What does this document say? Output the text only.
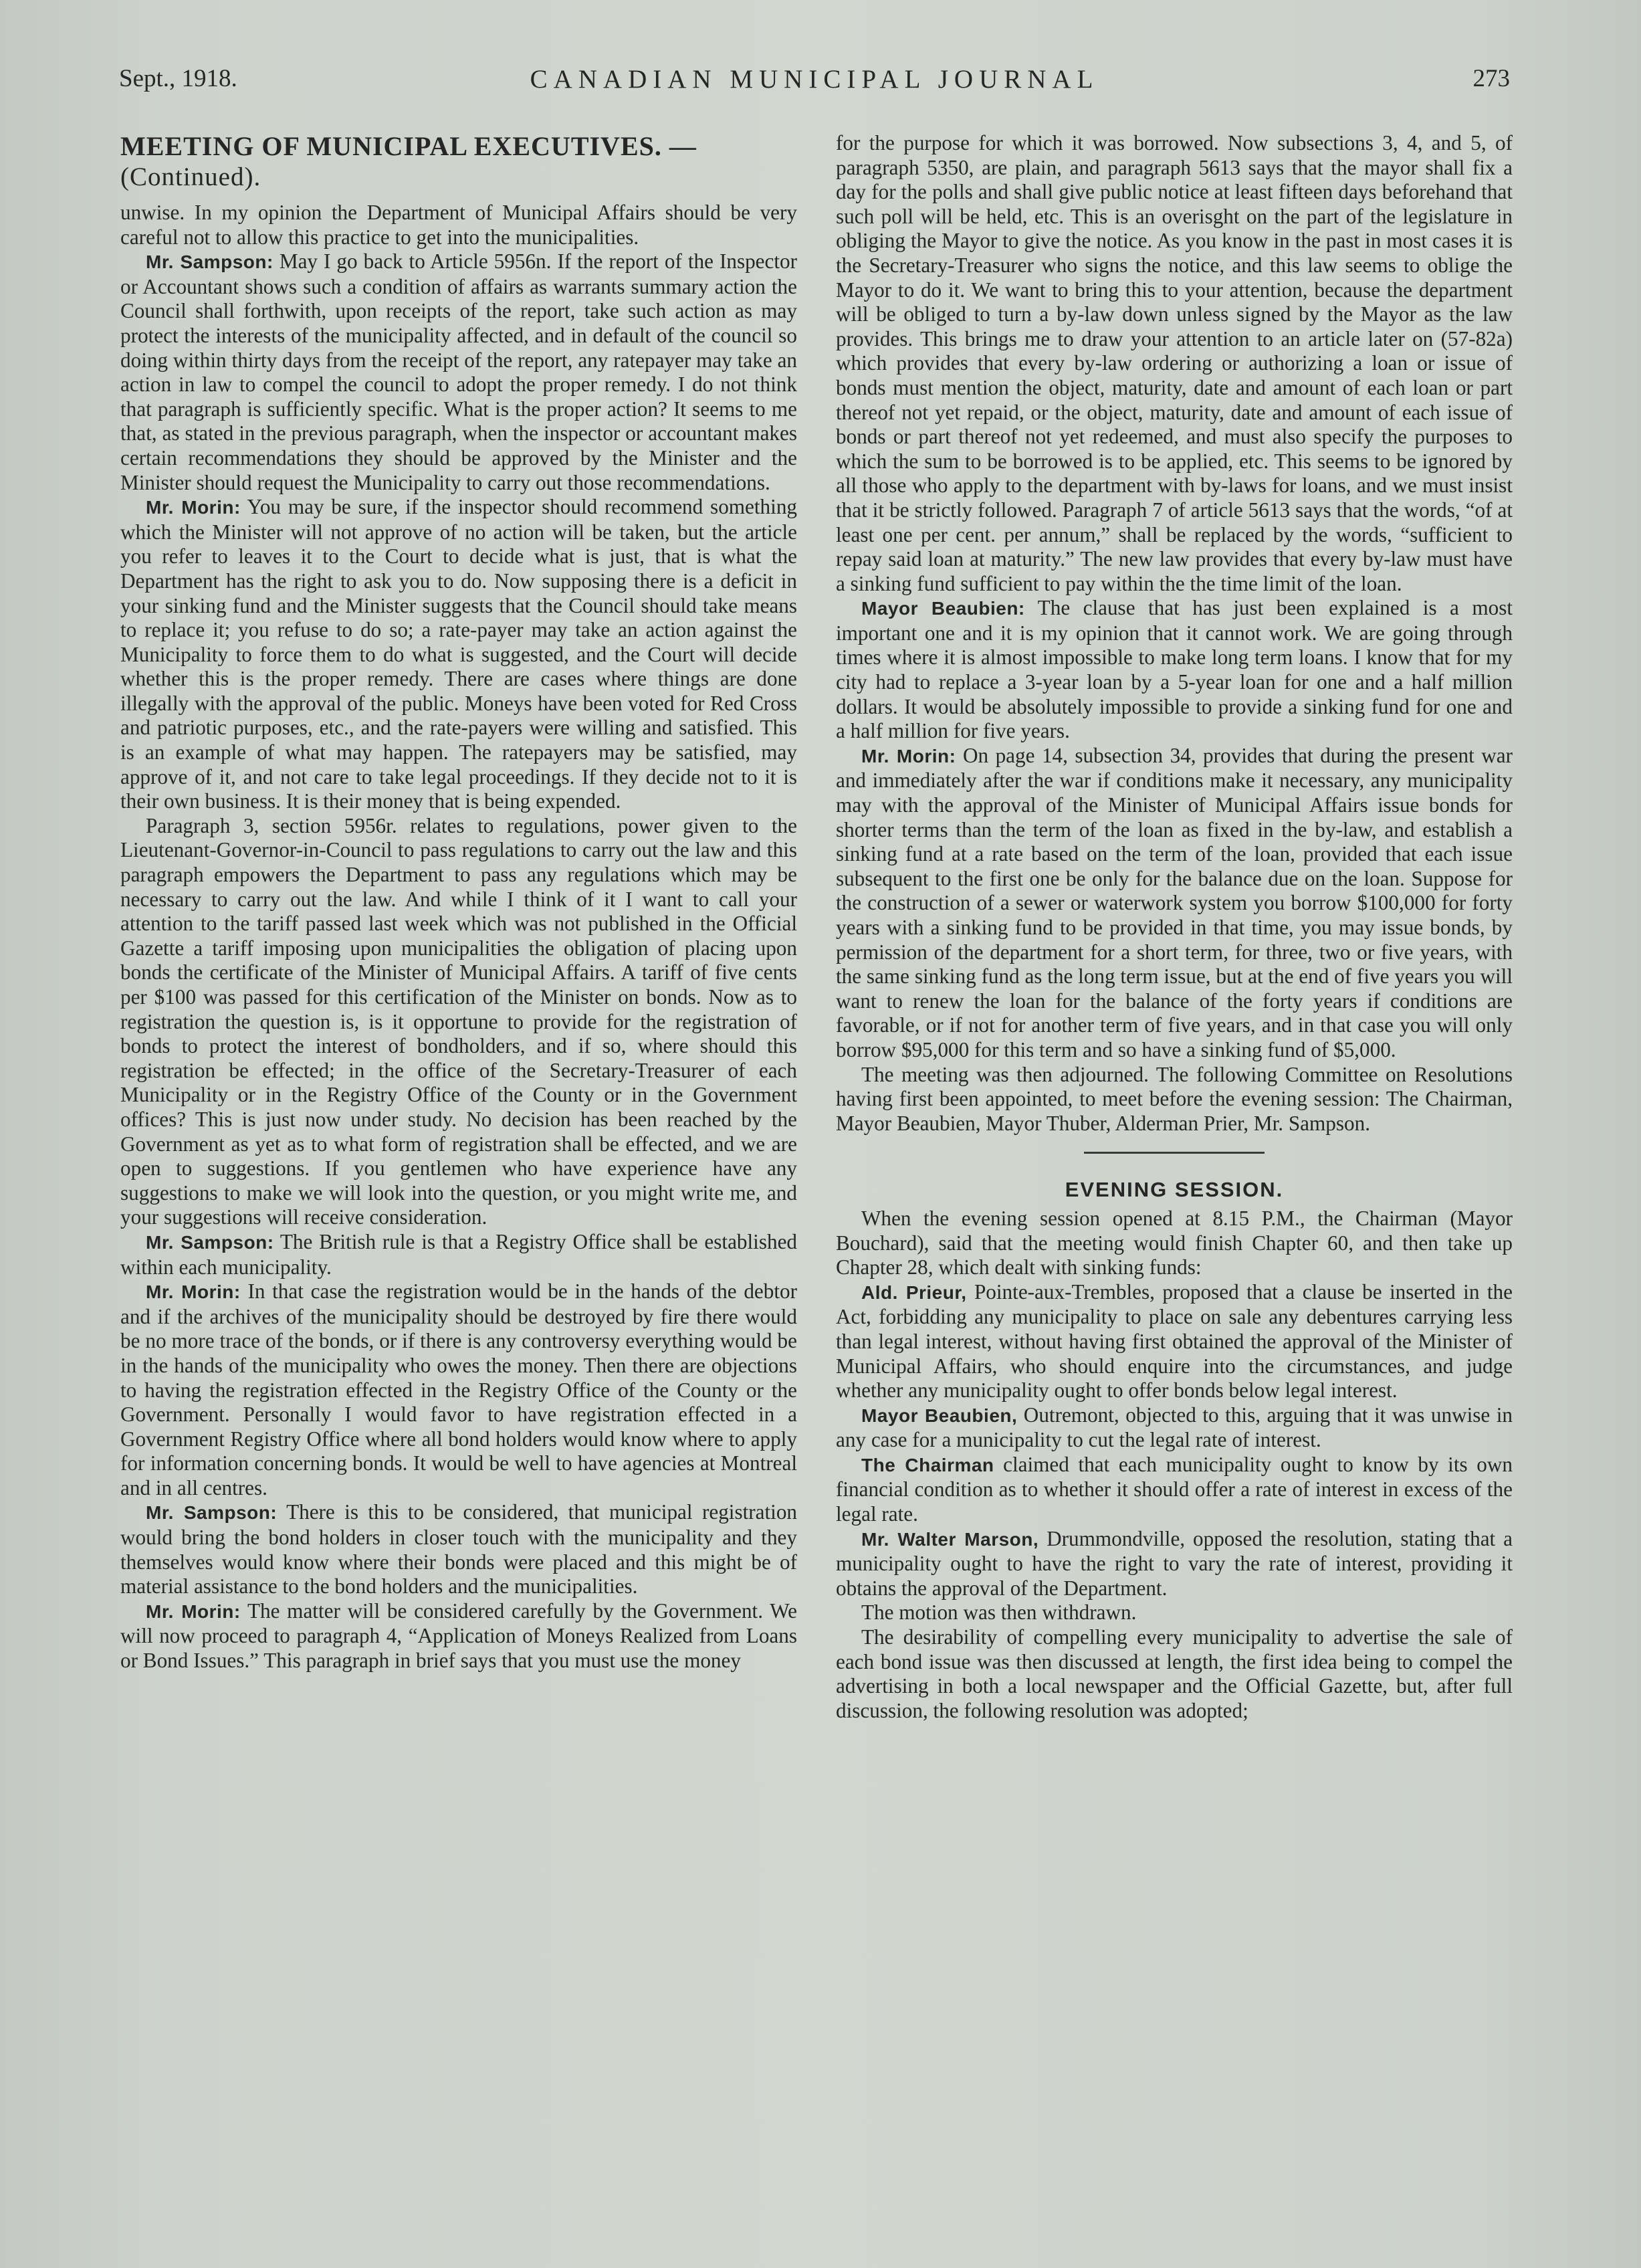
Sept., 1918.	CANADIAN MUNICIPAL JOURNAL	273
MEETING OF MUNICIPAL EXECUTIVES. —
(Continued).

unwise. In my opinion the Department of Municipal Affairs should be very careful not to allow this practice to get into the municipalities.

Mr. Sampson: May I go back to Article 5956n. If the report of the Inspector or Accountant shows such a condition of affairs as warrants summary action the Council shall forthwith, upon receipts of the report, take such action as may protect the interests of the municipality affected, and in default of the council so doing within thirty days from the receipt of the report, any ratepayer may take an action in law to compel the council to adopt the proper remedy. I do not think that paragraph is sufficiently specific. What is the proper action? It seems to me that, as stated in the previous paragraph, when the inspector or accountant makes certain recommendations they should be approved by the Minister and the Minister should request the Municipality to carry out those recommendations.

Mr. Morin: You may be sure, if the inspector should recommend something which the Minister will not approve of no action will be taken, but the article you refer to leaves it to the Court to decide what is just, that is what the Department has the right to ask you to do. Now supposing there is a deficit in your sinking fund and the Minister suggests that the Council should take means to replace it; you refuse to do so; a rate-payer may take an action against the Municipality to force them to do what is suggested, and the Court will decide whether this is the proper remedy. There are cases where things are done illegally with the approval of the public. Moneys have been voted for Red Cross and patriotic purposes, etc., and the rate-payers were willing and satisfied. This is an example of what may happen. The ratepayers may be satisfied, may approve of it, and not care to take legal proceedings. If they decide not to it is their own business. It is their money that is being expended.

Paragraph 3, section 5956r. relates to regulations, power given to the Lieutenant-Governor-in-Council to pass regulations to carry out the law and this paragraph empowers the Department to pass any regulations which may be necessary to carry out the law. And while I think of it I want to call your attention to the tariff passed last week which was not published in the Official Gazette a tariff imposing upon municipalities the obligation of placing upon bonds the certificate of the Minister of Municipal Affairs. A tariff of five cents per $100 was passed for this certification of the Minister on bonds. Now as to registration the question is, is it opportune to provide for the registration of bonds to protect the interest of bondholders, and if so, where should this registration be effected; in the office of the Secretary-Treasurer of each Municipality or in the Registry Office of the County or in the Government offices? This is just now under study. No decision has been reached by the Government as yet as to what form of registration shall be effected, and we are open to suggestions. If you gentlemen who have experience have any suggestions to make we will look into the question, or you might write me, and your suggestions will receive consideration.

Mr. Sampson: The British rule is that a Registry Office shall be established within each municipality.

Mr. Morin: In that case the registration would be in the hands of the debtor and if the archives of the municipality should be destroyed by fire there would be no more trace of the bonds, or if there is any controversy everything would be in the hands of the municipality who owes the money. Then there are objections to having the registration effected in the Registry Office of the County or the Government. Personally I would favor to have registration effected in a Government Registry Office where all bond holders would know where to apply for information concerning bonds. It would be well to have agencies at Montreal and in all centres.

Mr. Sampson: There is this to be considered, that municipal registration would bring the bond holders in closer touch with the municipality and they themselves would know where their bonds were placed and this might be of material assistance to the bond holders and the municipalities.

Mr. Morin: The matter will be considered carefully by the Government. We will now proceed to paragraph 4, “Application of Moneys Realized from Loans or Bond Issues.” This paragraph in brief says that you must use the money

for the purpose for which it was borrowed. Now subsections 3, 4, and 5, of paragraph 5350, are plain, and paragraph 5613 says that the mayor shall fix a day for the polls and shall give public notice at least fifteen days beforehand that such poll will be held, etc. This is an overisght on the part of the legislature in obliging the Mayor to give the notice. As you know in the past in most cases it is the Secretary-Treasurer who signs the notice, and this law seems to oblige the Mayor to do it. We want to bring this to your attention, because the department will be obliged to turn a by-law down unless signed by the Mayor as the law provides. This brings me to draw your attention to an article later on (57-82a) which provides that every by-law ordering or authorizing a loan or issue of bonds must mention the object, maturity, date and amount of each loan or part thereof not yet repaid, or the object, maturity, date and amount of each issue of bonds or part thereof not yet redeemed, and must also specify the purposes to which the sum to be borrowed is to be applied, etc. This seems to be ignored by all those who apply to the department with by-laws for loans, and we must insist that it be strictly followed. Paragraph 7 of article 5613 says that the words, “of at least one per cent. per annum,” shall be replaced by the words, “sufficient to repay said loan at maturity.” The new law provides that every by-law must have a sinking fund sufficient to pay within the the time limit of the loan.

Mayor Beaubien: The clause that has just been explained is a most important one and it is my opinion that it cannot work. We are going through times where it is almost impossible to make long term loans. I know that for my city had to replace a 3-year loan by a 5-year loan for one and a half million dollars. It would be absolutely impossible to provide a sinking fund for one and a half million for five years.

Mr. Morin: On page 14, subsection 34, provides that during the present war and immediately after the war if conditions make it necessary, any municipality may with the approval of the Minister of Municipal Affairs issue bonds for shorter terms than the term of the loan as fixed in the by-law, and establish a sinking fund at a rate based on the term of the loan, provided that each issue subsequent to the first one be only for the balance due on the loan. Suppose for the construction of a sewer or waterwork system you borrow $100,000 for forty years with a sinking fund to be provided in that time, you may issue bonds, by permission of the department for a short term, for three, two or five years, with the same sinking fund as the long term issue, but at the end of five years you will want to renew the loan for the balance of the forty years if conditions are favorable, or if not for another term of five years, and in that case you will only borrow $95,000 for this term and so have a sinking fund of $5,000.

The meeting was then adjourned. The following Committee on Resolutions having first been appointed, to meet before the evening session: The Chairman, Mayor Beaubien, Mayor Thuber, Alderman Prier, Mr. Sampson.

EVENING SESSION.

When the evening session opened at 8.15 P.M., the Chairman (Mayor Bouchard), said that the meeting would finish Chapter 60, and then take up Chapter 28, which dealt with sinking funds:

Ald. Prieur, Pointe-aux-Trembles, proposed that a clause be inserted in the Act, forbidding any municipality to place on sale any debentures carrying less than legal interest, without having first obtained the approval of the Minister of Municipal Affairs, who should enquire into the circumstances, and judge whether any municipality ought to offer bonds below legal interest.

Mayor Beaubien, Outremont, objected to this, arguing that it was unwise in any case for a municipality to cut the legal rate of interest.

The Chairman claimed that each municipality ought to know by its own financial condition as to whether it should offer a rate of interest in excess of the legal rate.

Mr. Walter Marson, Drummondville, opposed the resolution, stating that a municipality ought to have the right to vary the rate of interest, providing it obtains the approval of the Department.

The motion was then withdrawn.

The desirability of compelling every municipality to advertise the sale of each bond issue was then discussed at length, the first idea being to compel the advertising in both a local newspaper and the Official Gazette, but, after full discussion, the following resolution was adopted;
